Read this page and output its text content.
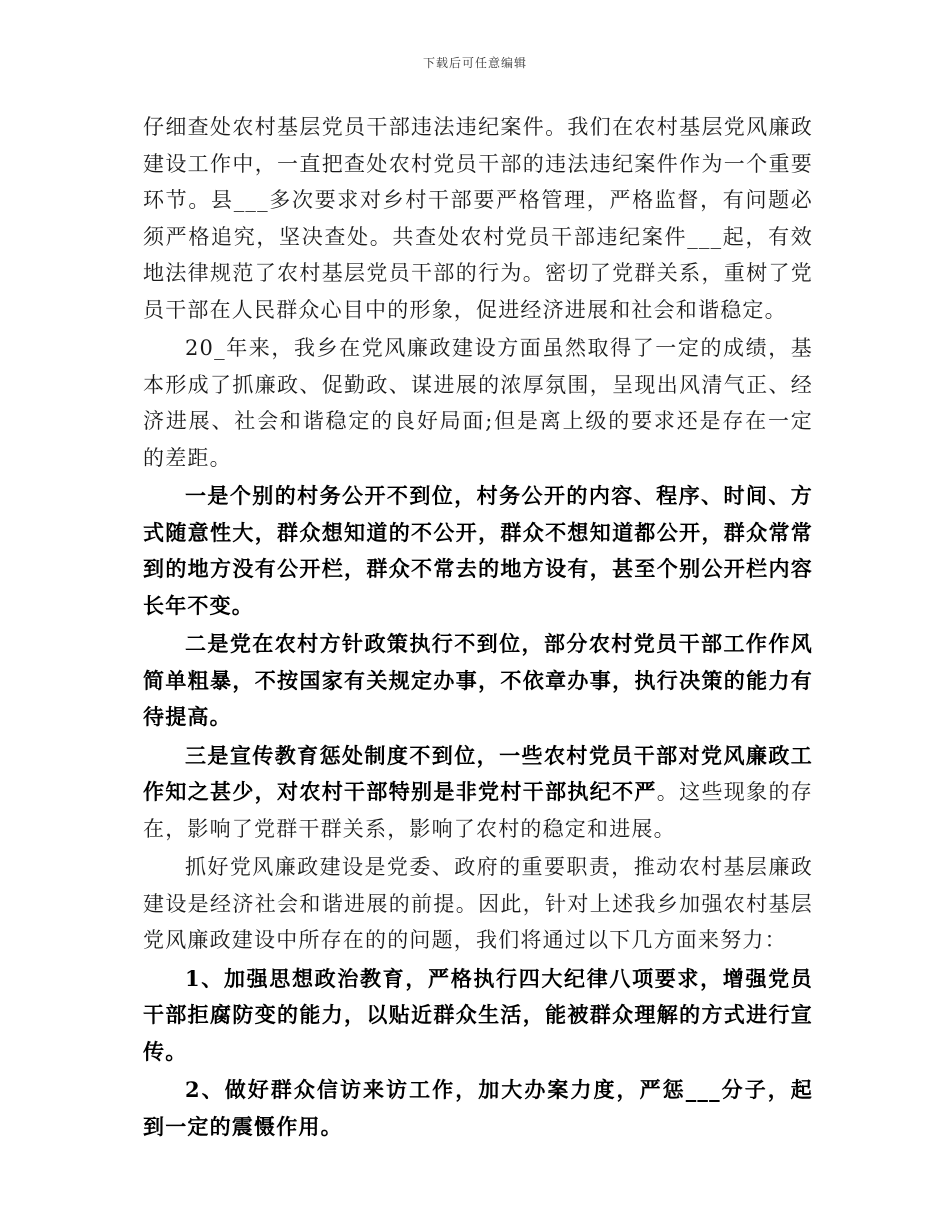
下载后可任意编辑

仔细查处农村基层党员干部违法违纪案件。我们在农村基层党风廉政建设工作中，一直把查处农村党员干部的违法违纪案件作为一个重要环节。县___多次要求对乡村干部要严格管理，严格监督，有问题必须严格追究，坚决查处。共查处农村党员干部违纪案件___起，有效地法律规范了农村基层党员干部的行为。密切了党群关系，重树了党员干部在人民群众心目中的形象，促进经济进展和社会和谐稳定。

20_年来，我乡在党风廉政建设方面虽然取得了一定的成绩，基本形成了抓廉政、促勤政、谋进展的浓厚氛围，呈现出风清气正、经济进展、社会和谐稳定的良好局面;但是离上级的要求还是存在一定的差距。

一是个别的村务公开不到位，村务公开的内容、程序、时间、方式随意性大，群众想知道的不公开，群众不想知道都公开，群众常常到的地方没有公开栏，群众不常去的地方设有，甚至个别公开栏内容长年不变。

二是党在农村方针政策执行不到位，部分农村党员干部工作作风简单粗暴，不按国家有关规定办事，不依章办事，执行决策的能力有待提高。

三是宣传教育惩处制度不到位，一些农村党员干部对党风廉政工作知之甚少，对农村干部特别是非党村干部执纪不严。这些现象的存在，影响了党群干群关系，影响了农村的稳定和进展。

抓好党风廉政建设是党委、政府的重要职责，推动农村基层廉政建设是经济社会和谐进展的前提。因此，针对上述我乡加强农村基层党风廉政建设中所存在的的问题，我们将通过以下几方面来努力：

1、加强思想政治教育，严格执行四大纪律八项要求，增强党员干部拒腐防变的能力，以贴近群众生活，能被群众理解的方式进行宣传。

2、做好群众信访来访工作，加大办案力度，严惩___分子，起到一定的震慑作用。
